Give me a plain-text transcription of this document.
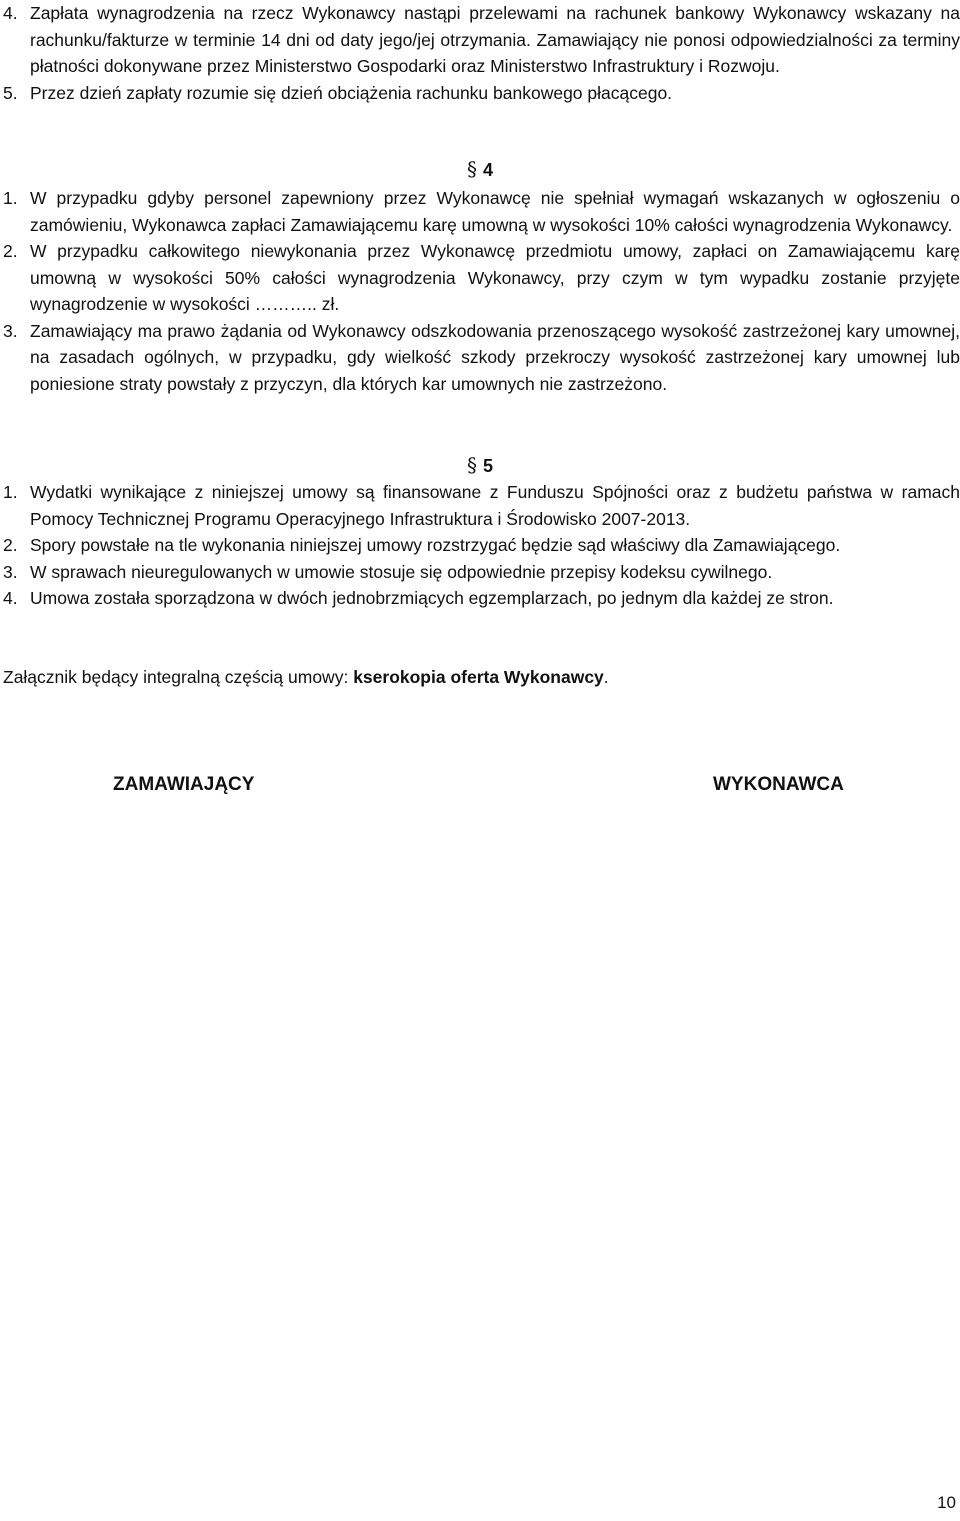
4. Zapłata wynagrodzenia na rzecz Wykonawcy nastąpi przelewami na rachunek bankowy Wykonawcy wskazany na rachunku/fakturze w terminie 14 dni od daty jego/jej otrzymania. Zamawiający nie ponosi odpowiedzialności za terminy płatności dokonywane przez Ministerstwo Gospodarki oraz Ministerstwo Infrastruktury i Rozwoju.

5. Przez dzień zapłaty rozumie się dzień obciążenia rachunku bankowego płacącego.

§ 4

1. W przypadku gdyby personel zapewniony przez Wykonawcę nie spełniał wymagań wskazanych w ogłoszeniu o zamówieniu, Wykonawca zapłaci Zamawiającemu karę umowną w wysokości 10% całości wynagrodzenia Wykonawcy.

2. W przypadku całkowitego niewykonania przez Wykonawcę przedmiotu umowy, zapłaci on Zamawiającemu karę umowną w wysokości 50% całości wynagrodzenia Wykonawcy, przy czym w tym wypadku zostanie przyjęte wynagrodzenie w wysokości ……….. zł.

3. Zamawiający ma prawo żądania od Wykonawcy odszkodowania przenoszącego wysokość zastrzeżonej kary umownej, na zasadach ogólnych, w przypadku, gdy wielkość szkody przekroczy wysokość zastrzeżonej kary umownej lub poniesione straty powstały z przyczyn, dla których kar umownych nie zastrzeżono.

§ 5

1. Wydatki wynikające z niniejszej umowy są finansowane z Funduszu Spójności oraz z budżetu państwa w ramach Pomocy Technicznej Programu Operacyjnego Infrastruktura i Środowisko 2007-2013.

2. Spory powstałe na tle wykonania niniejszej umowy rozstrzygać będzie sąd właściwy dla Zamawiającego.

3. W sprawach nieuregulowanych w umowie stosuje się odpowiednie przepisy kodeksu cywilnego.

4. Umowa została sporządzona w dwóch jednobrzmiących egzemplarzach, po jednym dla każdej ze stron.

Załącznik będący integralną częścią umowy: kserokopia oferta Wykonawcy.
ZAMAWIAJĄCY	WYKONAWCA
10
